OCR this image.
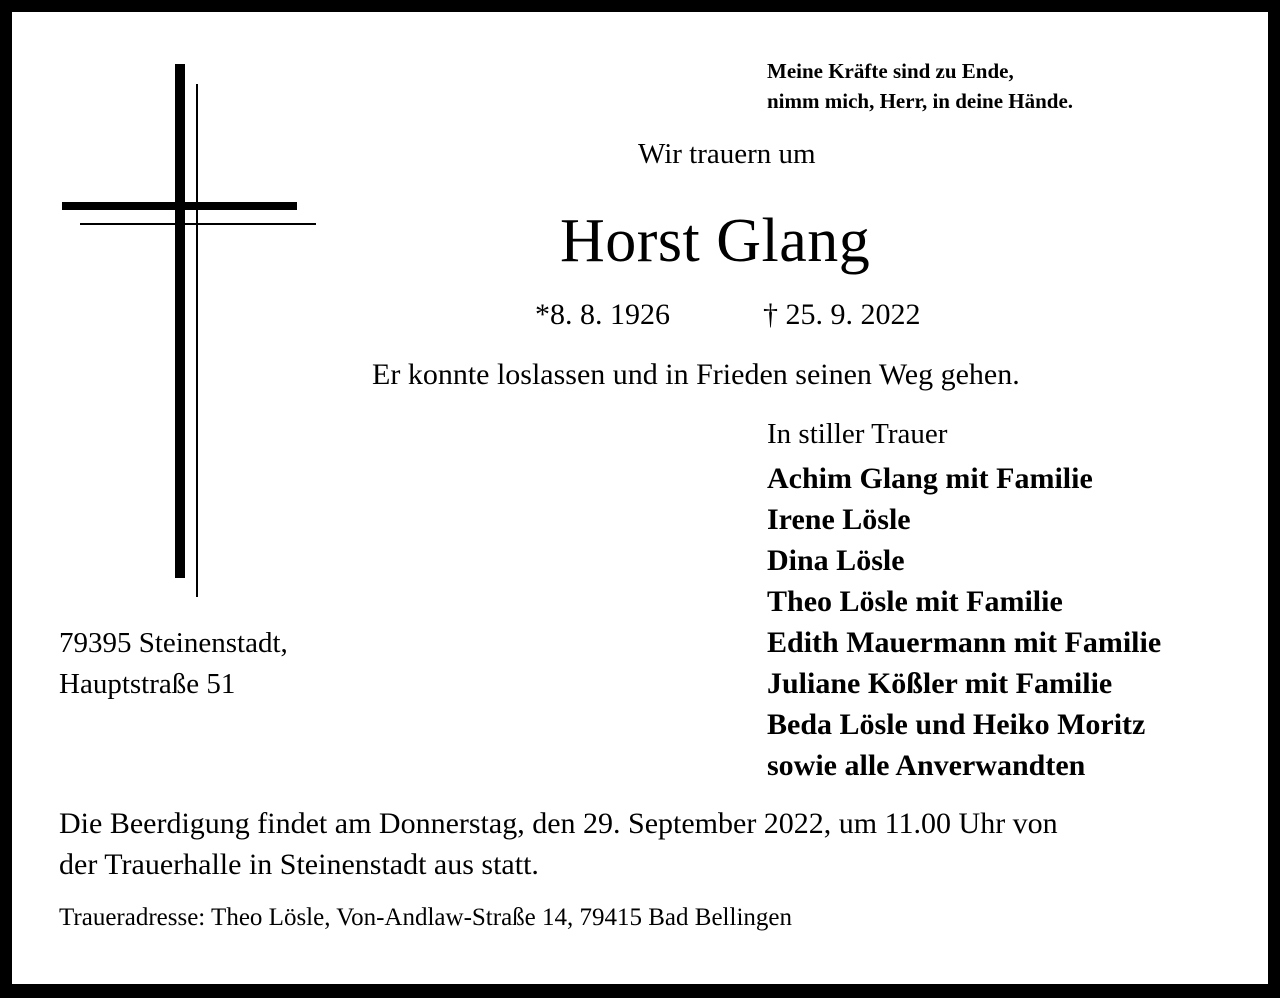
Meine Kräfte sind zu Ende,
nimm mich, Herr, in deine Hände.
Wir trauern um
Horst Glang
*8. 8. 1926	† 25. 9. 2022
Er konnte loslassen und in Frieden seinen Weg gehen.
In stiller Trauer
Achim Glang mit Familie
Irene Lösle
Dina Lösle
Theo Lösle mit Familie
Edith Mauermann mit Familie
Juliane Kößler mit Familie
Beda Lösle und Heiko Moritz
sowie alle Anverwandten
79395 Steinenstadt,
Hauptstraße 51
Die Beerdigung findet am Donnerstag, den 29. September 2022, um 11.00 Uhr von
der Trauerhalle in Steinenstadt aus statt.
Traueradresse: Theo Lösle, Von-Andlaw-Straße 14, 79415 Bad Bellingen
